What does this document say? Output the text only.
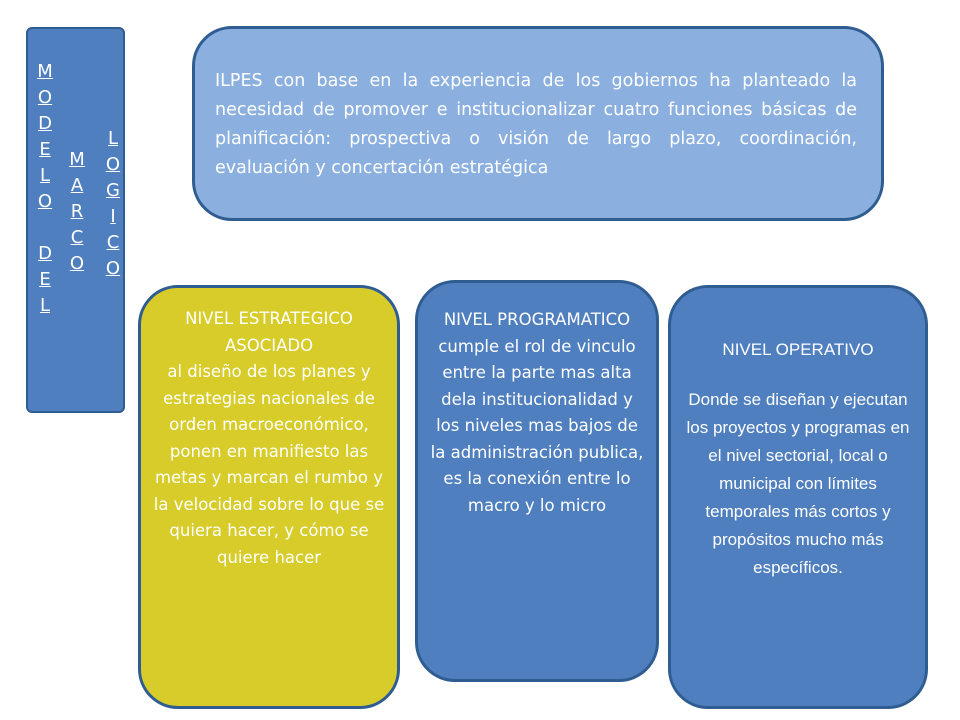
M
O
D
E
L
O
D
E
L
M
A
R
C
O
L
O
G
I
C
O
ILPES con base en la experiencia de los gobiernos ha planteado la necesidad de promover e institucionalizar cuatro funciones básicas de planificación: prospectiva o visión de largo plazo, coordinación, evaluación y concertación estratégica
NIVEL ESTRATEGICO ASOCIADO
al diseño de los planes y estrategias nacionales de orden macroeconómico, ponen en manifiesto las metas y marcan el rumbo y la velocidad sobre lo que se quiera hacer, y cómo se quiere hacer
NIVEL PROGRAMATICO
cumple el rol de vinculo entre la parte mas alta dela institucionalidad y los niveles mas bajos de la administración publica, es la conexión entre lo macro y lo micro
NIVEL OPERATIVO
Donde se diseñan y ejecutan los proyectos y programas en el nivel sectorial, local o municipal con límites temporales más cortos y propósitos mucho más específicos.
